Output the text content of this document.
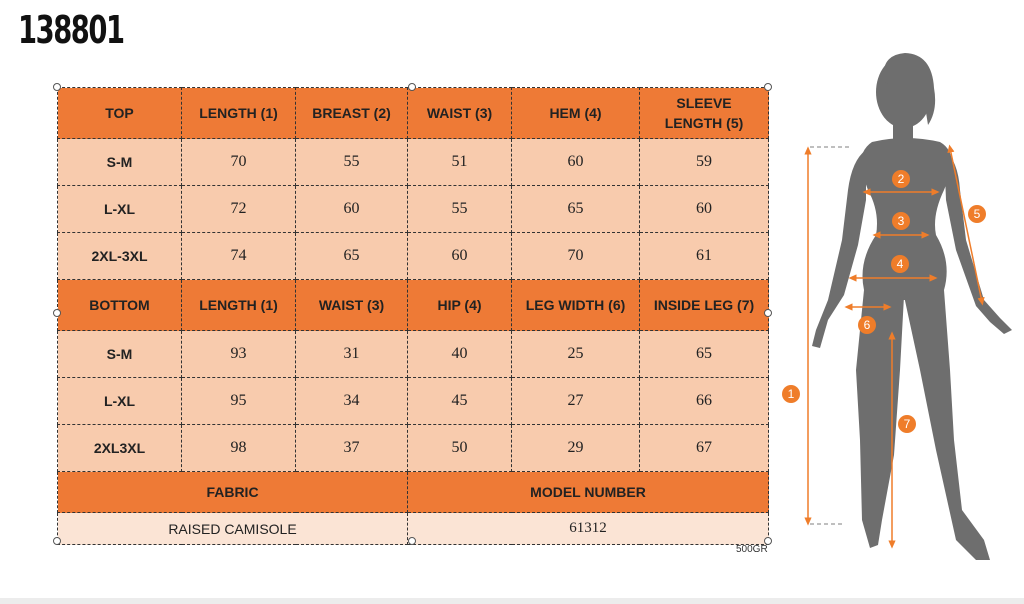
138801
TOP	LENGTH (1)	BREAST (2)	WAIST (3)	HEM (4)	SLEEVE LENGTH (5)
S-M	70	55	51	60	59
L-XL	72	60	55	65	60
2XL-3XL	74	65	60	70	61
BOTTOM	LENGTH (1)	WAIST (3)	HIP (4)	LEG WIDTH (6)	INSIDE LEG (7)
S-M	93	31	40	25	65
L-XL	95	34	45	27	66
2XL3XL	98	37	50	29	67
FABRIC			MODEL NUMBER		
RAISED CAMISOLE			61312		
500GR
1
2
3
4
5
6
7
